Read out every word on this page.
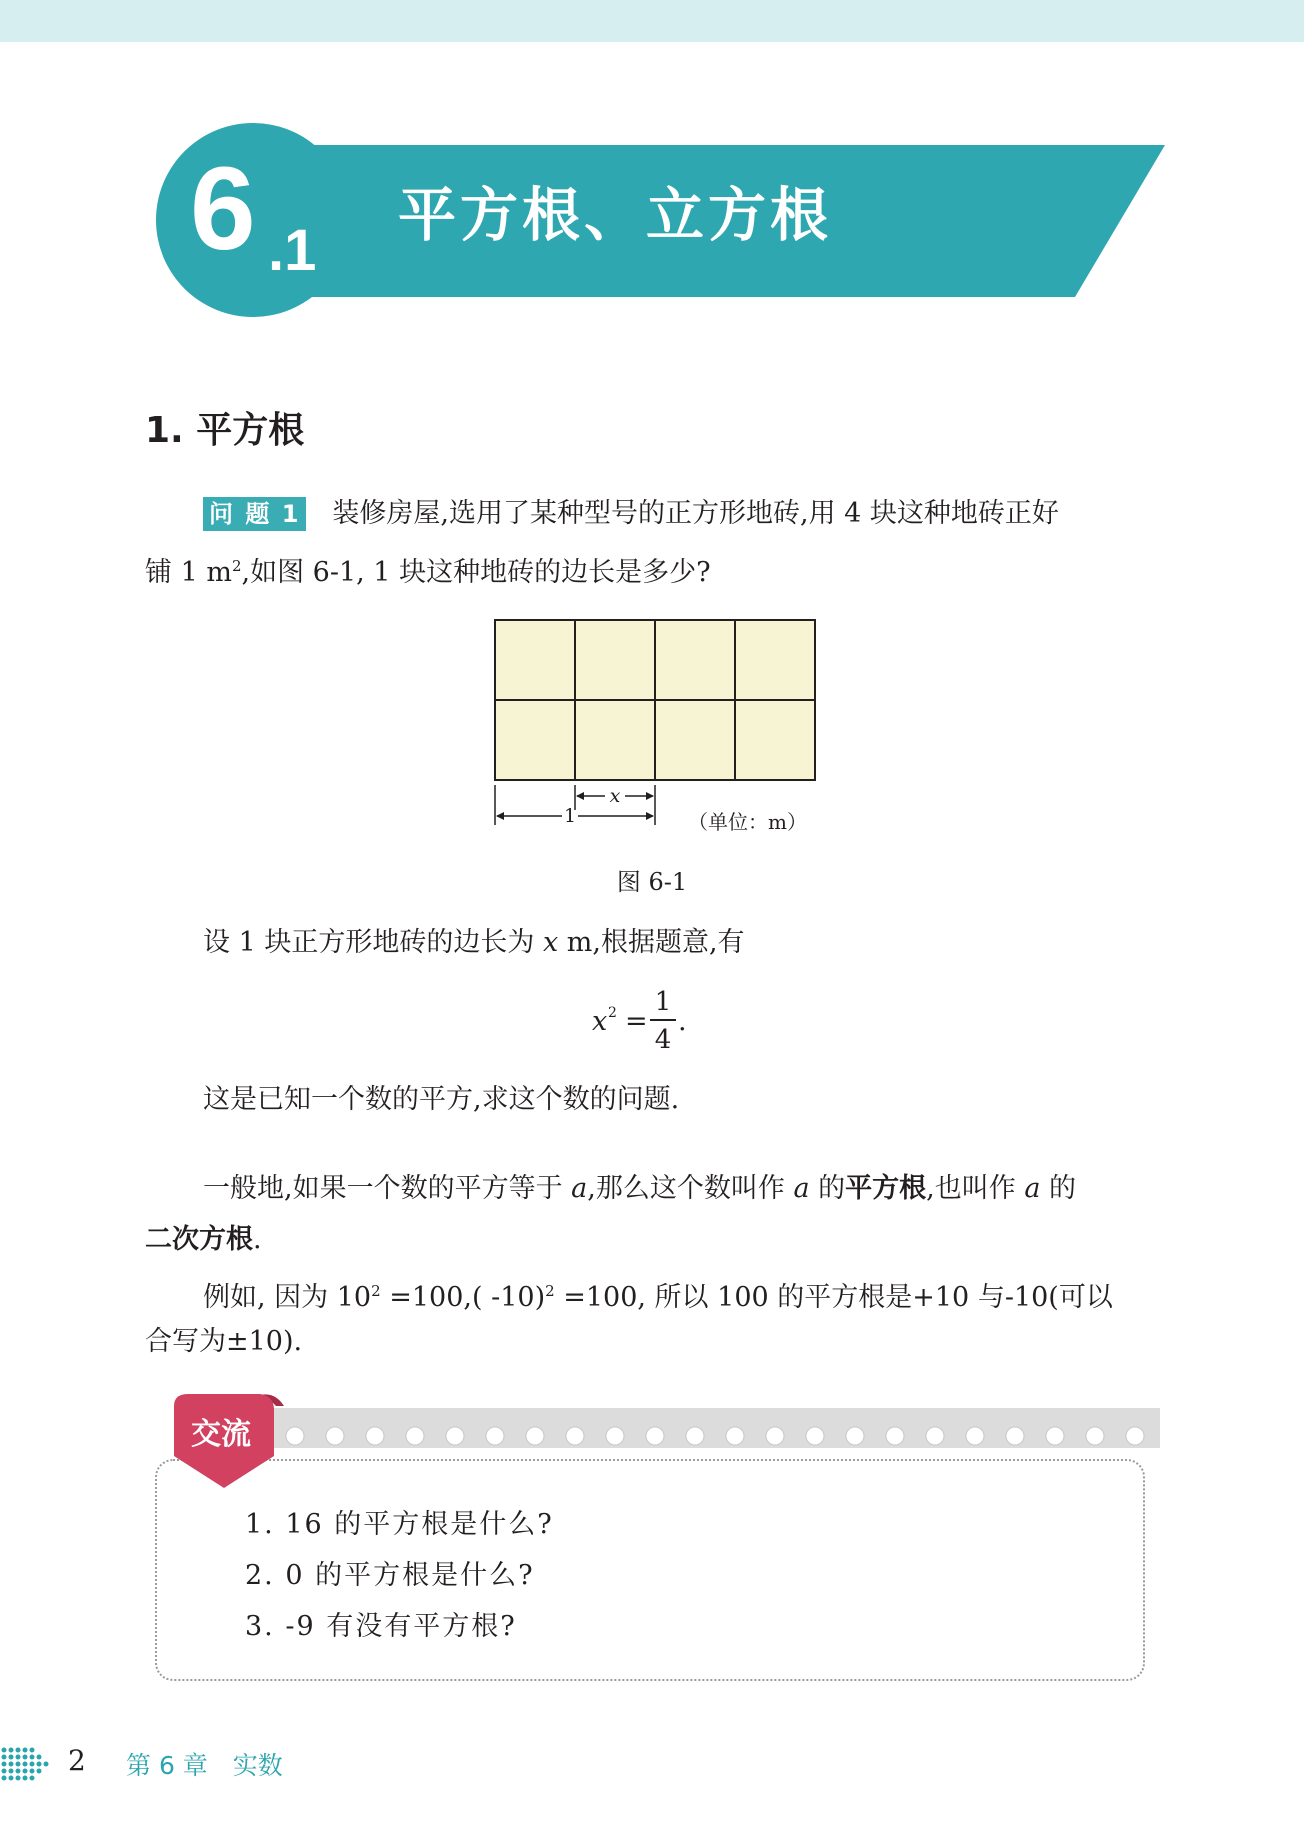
6 .1
平方根、立方根
1. 平方根
问 题 1 装修房屋,选用了某种型号的正方形地砖,用 4 块这种地砖正好
铺 1 $m^2$,如图 6-1, 1 块这种地砖的边长是多少?
x
1	（单位：m）
图 6-1
设 1 块正方形地砖的边长为 x m,根据题意,有
x 2 =
1
4
.
这是已知一个数的平方,求这个数的问题.
一般地,如果一个数的平方等于 a,那么这个数叫作 a 的平方根,也叫作 a 的
二次方根.
例如, 因为 $10^2 =100$,( -10)$^2$ =100, 所以 100 的平方根是+10 与-10(可以
合写为±10).
交流
1. 16 的平方根是什么?
2. 0 的平方根是什么?
3. -9 有没有平方根?
2 第 6 章　实数
